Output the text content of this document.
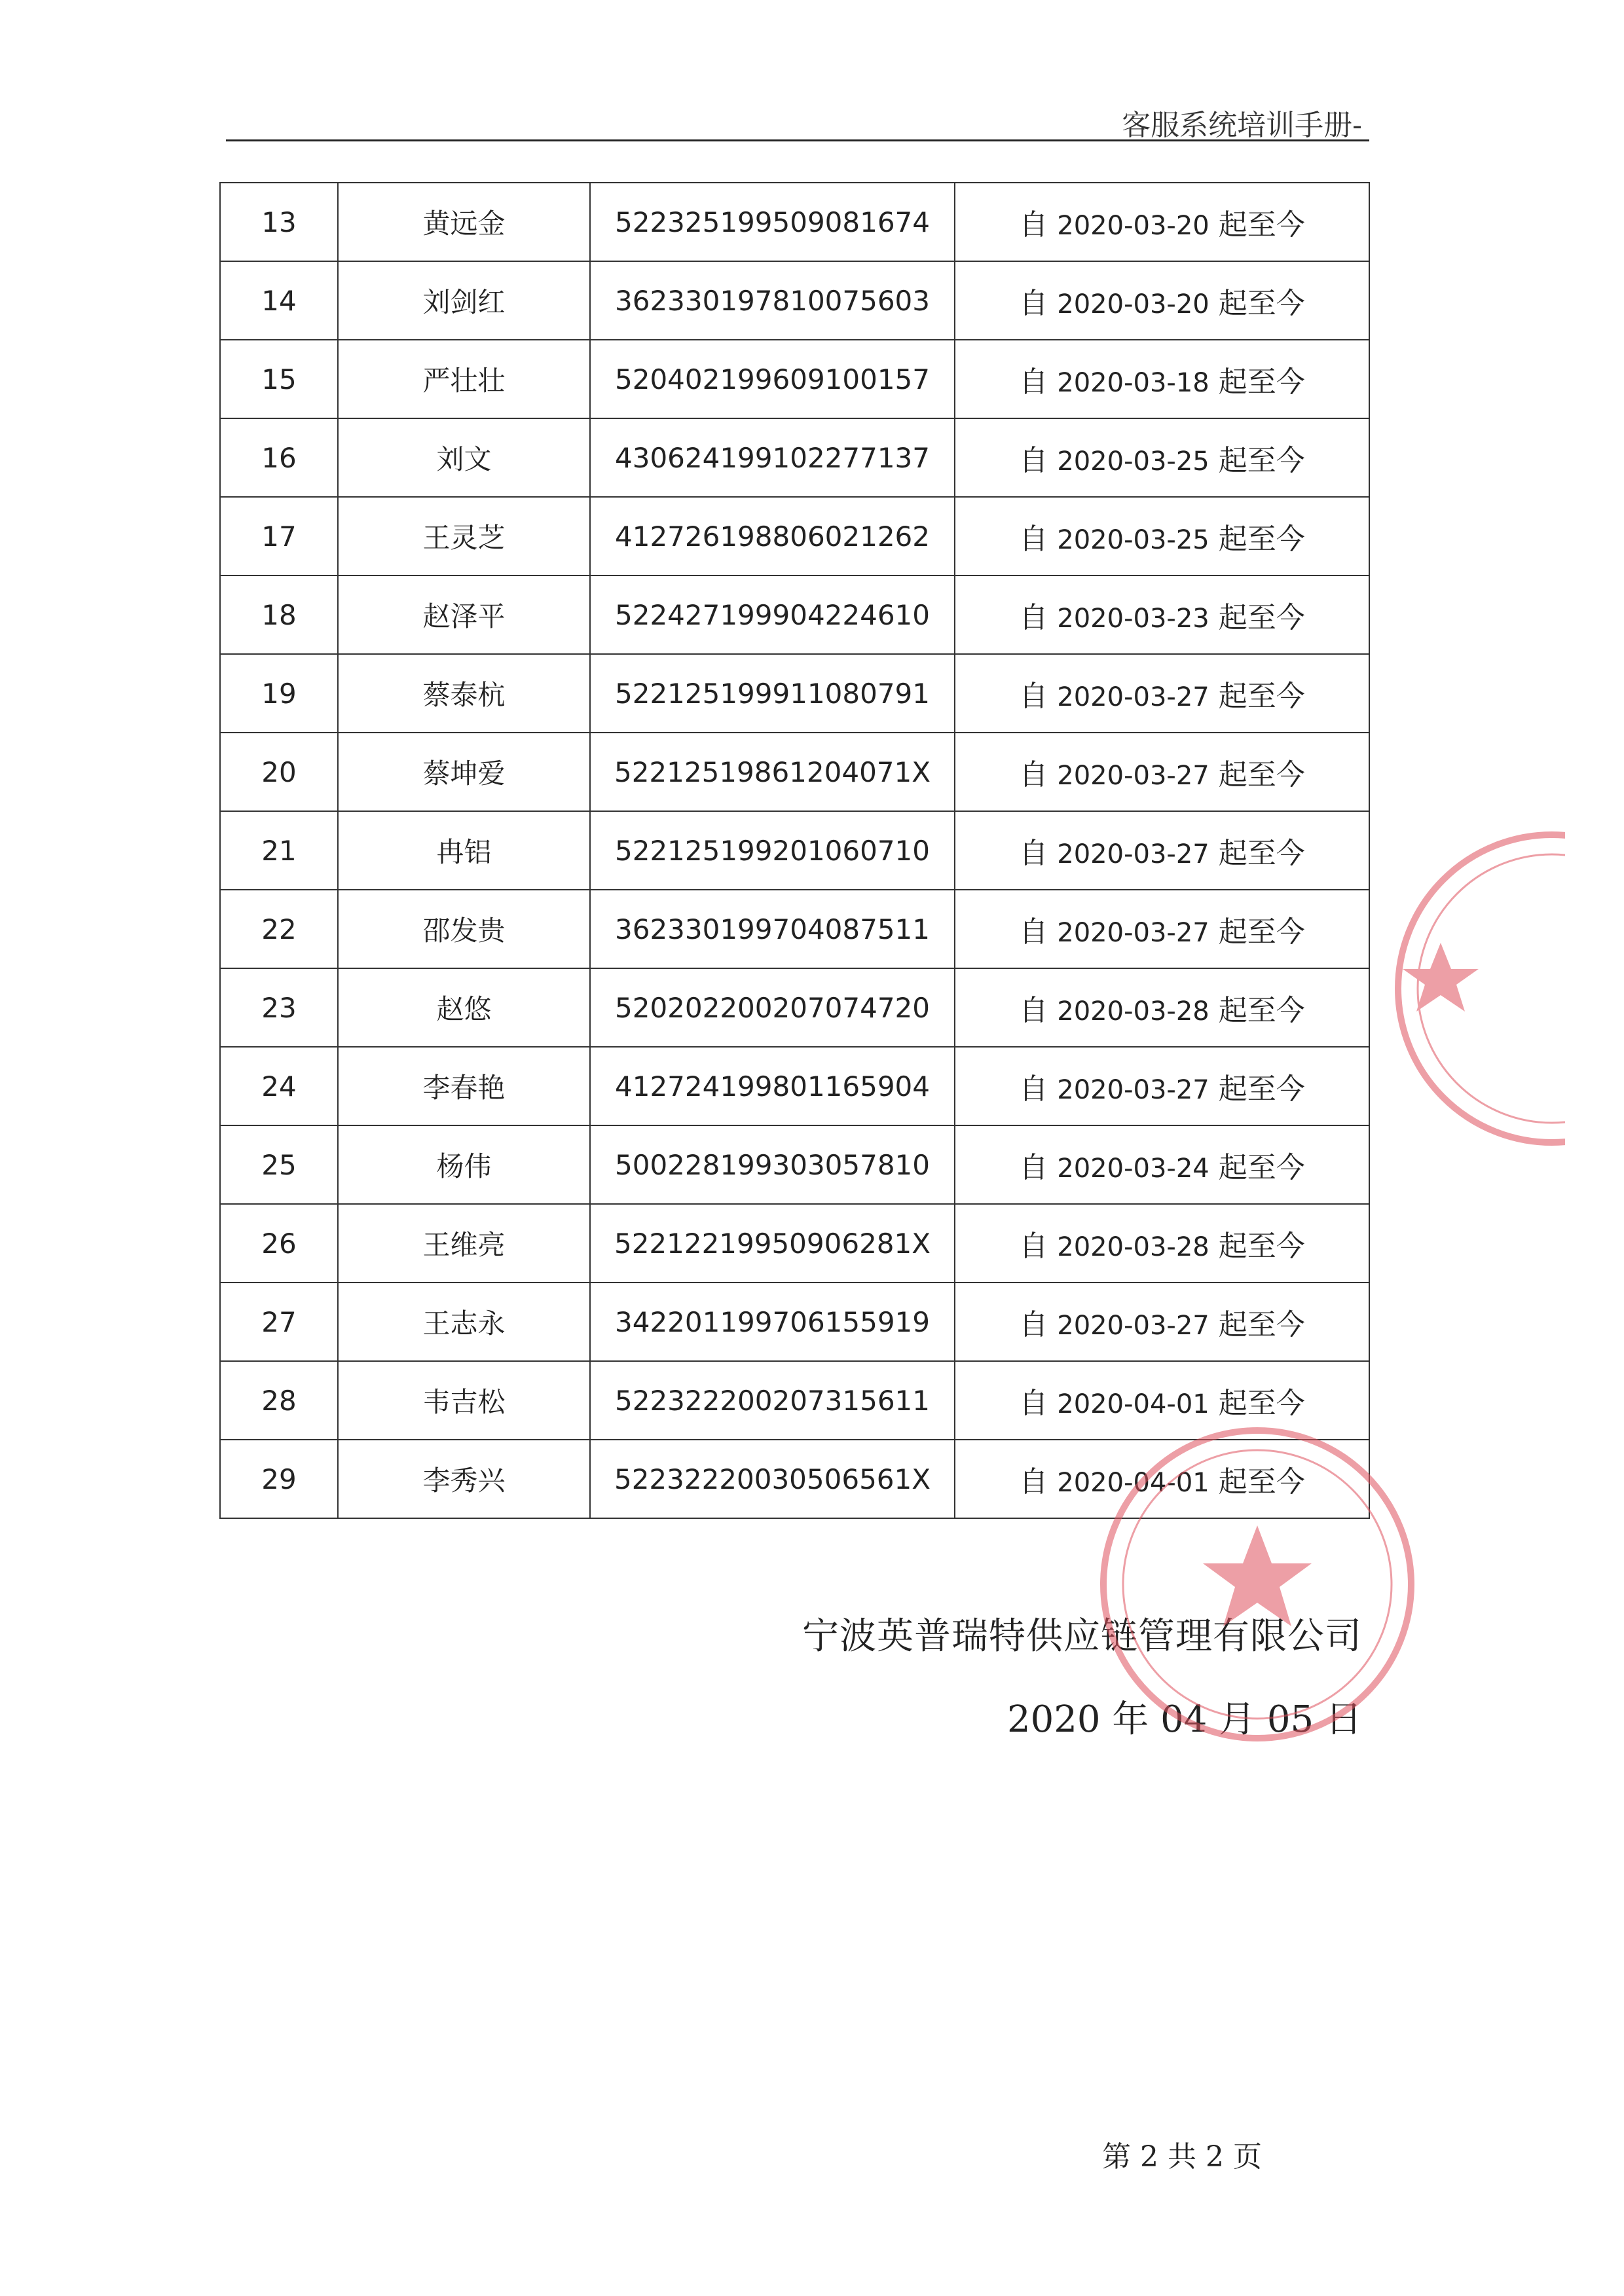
客服系统培训手册-
13	黄远金	522325199509081674	自 2020-03-20 起至今
14	刘剑红	362330197810075603	自 2020-03-20 起至今
15	严壮壮	520402199609100157	自 2020-03-18 起至今
16	刘文	430624199102277137	自 2020-03-25 起至今
17	王灵芝	412726198806021262	自 2020-03-25 起至今
18	赵泽平	522427199904224610	自 2020-03-23 起至今
19	蔡泰杭	522125199911080791	自 2020-03-27 起至今
20	蔡坤爱	52212519861204071X	自 2020-03-27 起至今
21	冉铝	522125199201060710	自 2020-03-27 起至今
22	邵发贵	362330199704087511	自 2020-03-27 起至今
23	赵悠	520202200207074720	自 2020-03-28 起至今
24	李春艳	412724199801165904	自 2020-03-27 起至今
25	杨伟	500228199303057810	自 2020-03-24 起至今
26	王维亮	52212219950906281X	自 2020-03-28 起至今
27	王志永	342201199706155919	自 2020-03-27 起至今
28	韦吉松	522322200207315611	自 2020-04-01 起至今
29	李秀兴	52232220030506561X	自 2020-04-01 起至今
宁波英普瑞特供应链管理有限公司
2020 年 04 月 05 日
第 2 共 2 页
